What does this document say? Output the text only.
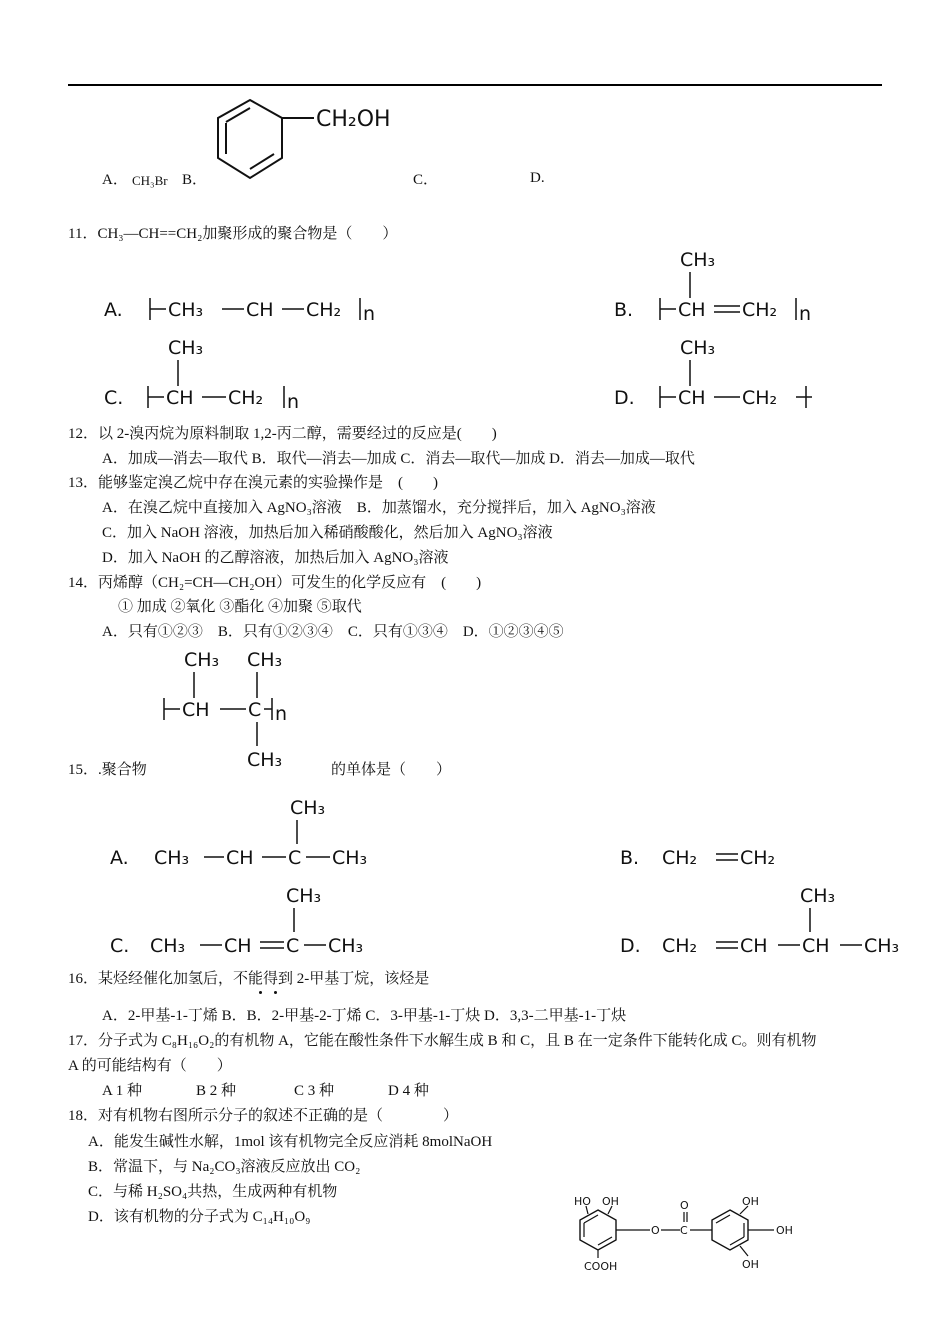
A． CH₃Br B．
CH₂OH
C．	D.
11．CH₃—CH==CH₂加聚形成的聚合物是（　　）
A. CH₃ CH CH₂ n	B.
CH₃
CH CH₂ n
C.
CH₃
CH CH₂ n	D.
CH₃
CH CH₂
12．以 2-溴丙烷为原料制取 1,2-丙二醇，需要经过的反应是(　　)
A．加成—消去—取代 B．取代—消去—加成 C．消去—取代—加成 D．消去—加成—取代
13．能够鉴定溴乙烷中存在溴元素的实验操作是　(　　)
A．在溴乙烷中直接加入 AgNO₃溶液　B．加蒸馏水，充分搅拌后，加入 AgNO₃溶液
C．加入 NaOH 溶液，加热后加入稀硝酸酸化，然后加入 AgNO₃溶液
D．加入 NaOH 的乙醇溶液，加热后加入 AgNO₃溶液
14．丙烯醇（CH₂=CH—CH₂OH）可发生的化学反应有　(　　)
① 加成 ②氧化 ③酯化 ④加聚 ⑤取代
A．只有①②③　B．只有①②③④　C．只有①③④　D．①②③④⑤
CH₃ CH₃
CH C n
CH₃
15．.聚合物	的单体是（　　）
A. CH₃ CH C CH₃
CH₃
B. CH₂ CH₂
C. CH₃ CH C CH₃
CH₃
D. CH₂ CH CH CH₃
CH₃
16．某烃经催化加氢后，不能得到 2-甲基丁烷，该烃是
A．2-甲基-1-丁烯 B．B．2-甲基-2-丁烯 C．3-甲基-1-丁炔 D．3,3-二甲基-1-丁炔
17．分子式为 C₈H₁₆O₂的有机物 A，它能在酸性条件下水解生成 B 和 C，且 B 在一定条件下能转化成 C。则有机物
A 的可能结构有（　　）
A 1 种	B 2 种	C 3 种	D 4 种
18．对有机物右图所示分子的叙述不正确的是（　　　　）
A．能发生碱性水解，1mol 该有机物完全反应消耗 8molNaOH
B．常温下，与 Na₂CO₃溶液反应放出 CO₂
C．与稀 H₂SO₄共热，生成两种有机物
D．该有机物的分子式为 C₁₄H₁₀O₉
HO OH
COOH
O C
O	OH
OH
OH
